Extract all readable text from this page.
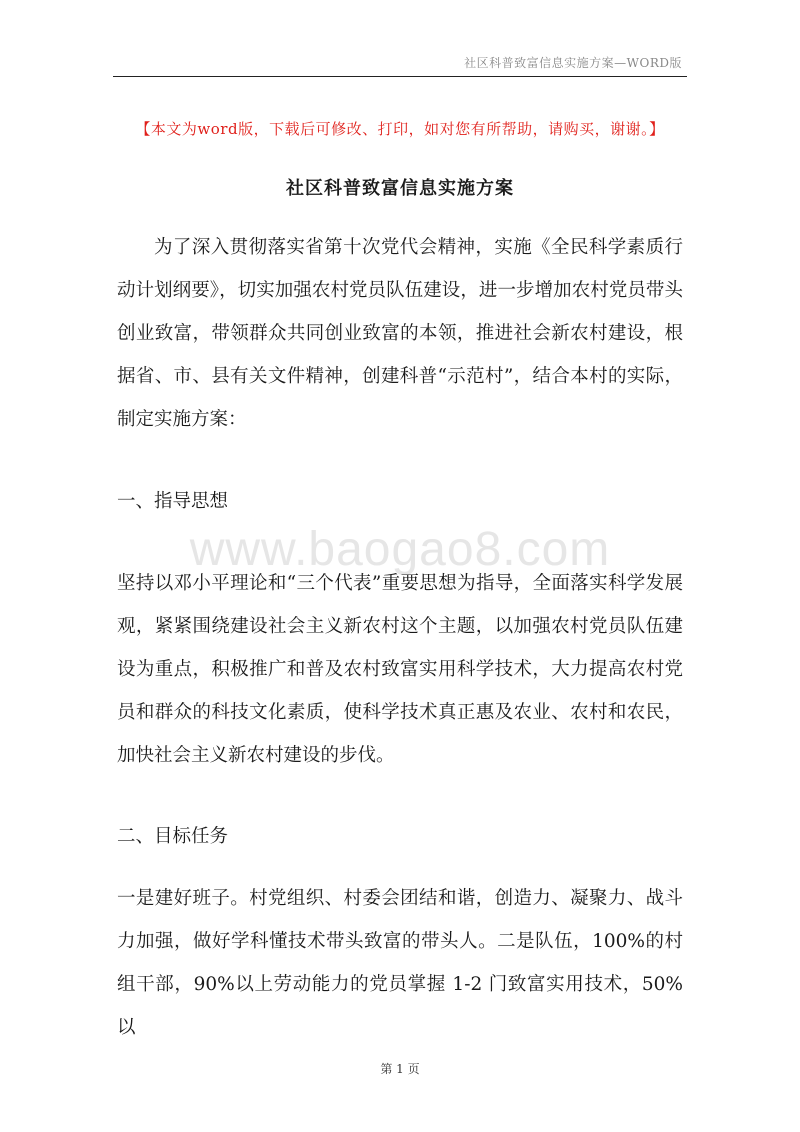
社区科普致富信息实施方案—WORD版
【本文为word版，下载后可修改、打印，如对您有所帮助，请购买，谢谢。】
社区科普致富信息实施方案

为了深入贯彻落实省第十次党代会精神，实施《全民科学素质行动计划纲要》，切实加强农村党员队伍建设，进一步增加农村党员带头创业致富，带领群众共同创业致富的本领，推进社会新农村建设，根据省、市、县有关文件精神，创建科普“示范村”，结合本村的实际，制定实施方案：

一、指导思想
www.baogao8.com

坚持以邓小平理论和“三个代表”重要思想为指导，全面落实科学发展观，紧紧围绕建设社会主义新农村这个主题，以加强农村党员队伍建设为重点，积极推广和普及农村致富实用科学技术，大力提高农村党员和群众的科技文化素质，使科学技术真正惠及农业、农村和农民，加快社会主义新农村建设的步伐。

二、目标任务

一是建好班子。村党组织、村委会团结和谐，创造力、凝聚力、战斗力加强，做好学科懂技术带头致富的带头人。二是队伍，100%的村组干部，90%以上劳动能力的党员掌握 1-2 门致富实用技术，50%以

第 1 页
